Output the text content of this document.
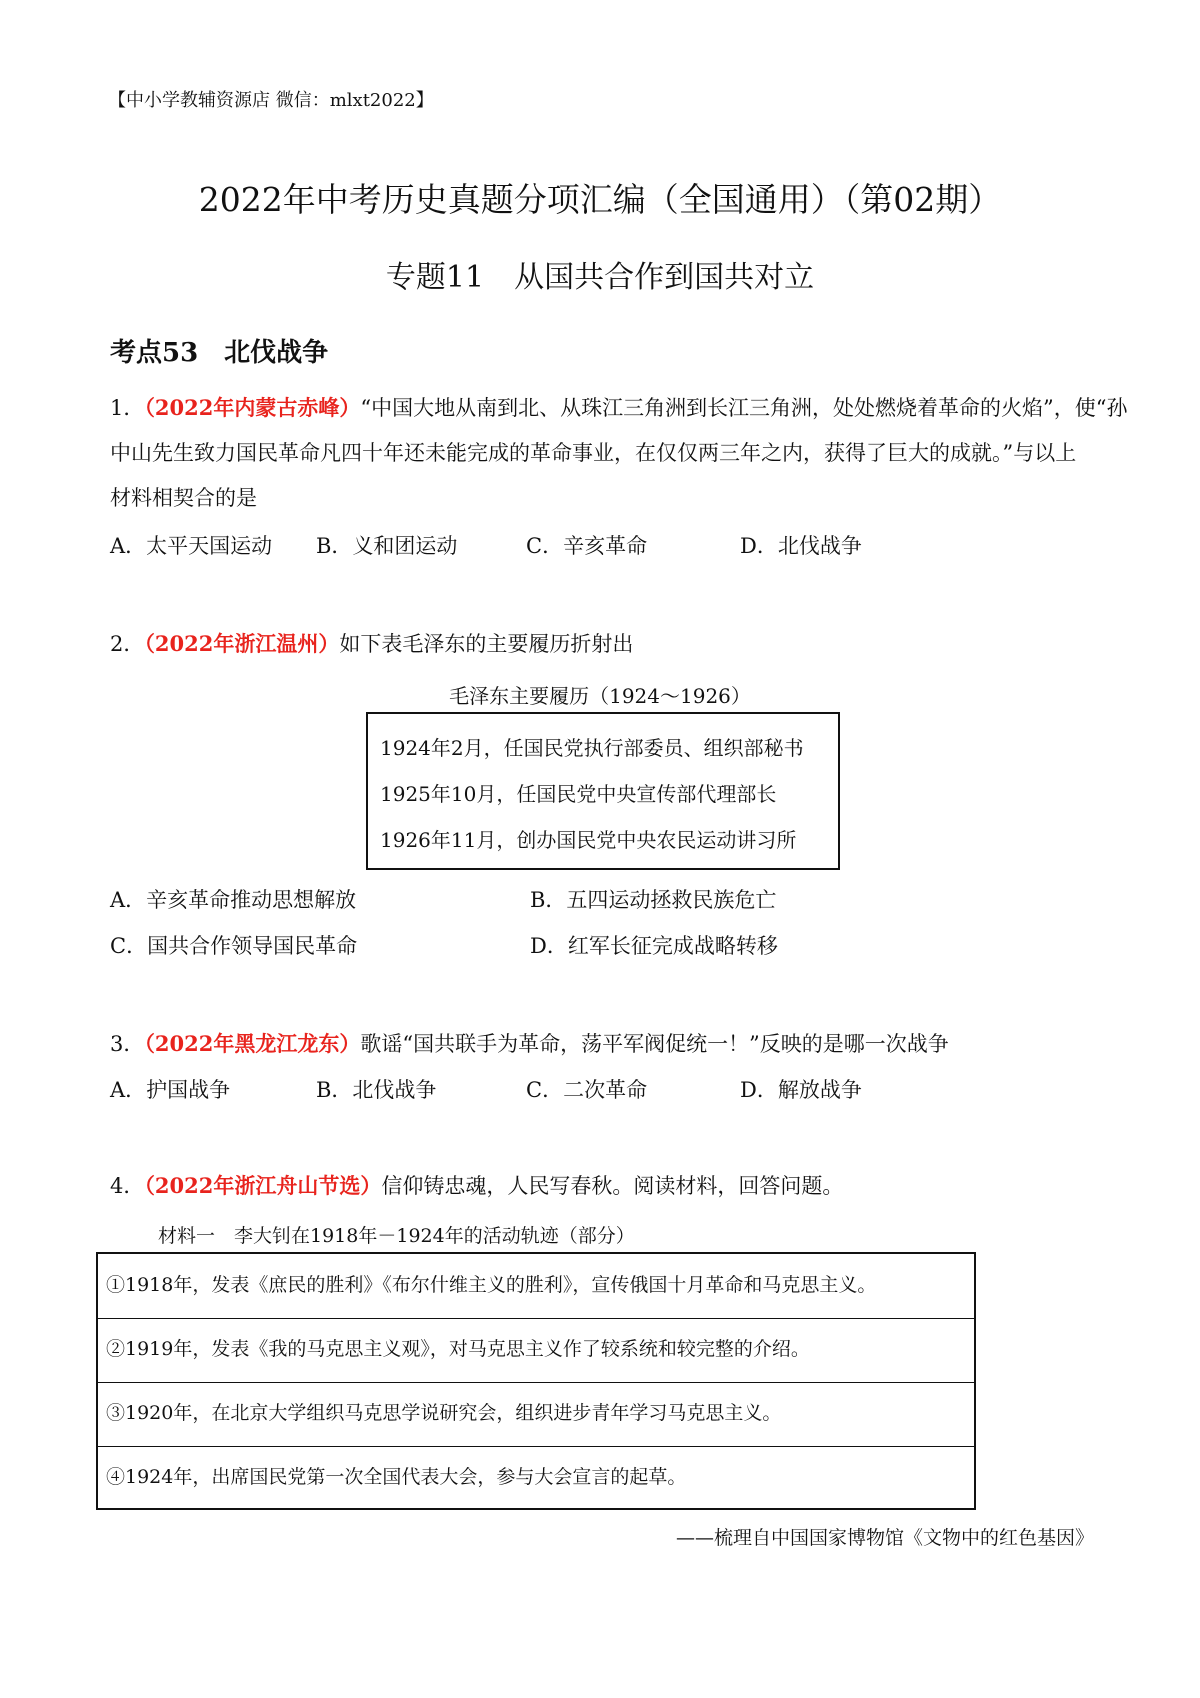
【中小学教辅资源店 微信：mlxt2022】
2022年中考历史真题分项汇编（全国通用）（第02期）
专题11　从国共合作到国共对立
考点53　北伐战争
1．（2022年内蒙古赤峰）“中国大地从南到北、从珠江三角洲到长江三角洲，处处燃烧着革命的火焰”，使“孙
中山先生致力国民革命凡四十年还未能完成的革命事业，在仅仅两三年之内，获得了巨大的成就。”与以上
材料相契合的是
A．太平天国运动 B．义和团运动	C．辛亥革命	D．北伐战争
2．（2022年浙江温州）如下表毛泽东的主要履历折射出
毛泽东主要履历（1924～1926）
1924年2月，任国民党执行部委员、组织部秘书
1925年10月，任国民党中央宣传部代理部长
1926年11月，创办国民党中央农民运动讲习所
A．辛亥革命推动思想解放	B．五四运动拯救民族危亡
C．国共合作领导国民革命	D．红军长征完成战略转移
3．（2022年黑龙江龙东）歌谣“国共联手为革命，荡平军阀促统一！”反映的是哪一次战争
A．护国战争	B．北伐战争	C．二次革命	D．解放战争
4．（2022年浙江舟山节选）信仰铸忠魂，人民写春秋。阅读材料，回答问题。
材料一　李大钊在1918年－1924年的活动轨迹（部分）
①1918年，发表《庶民的胜利》《布尔什维主义的胜利》，宣传俄国十月革命和马克思主义。
②1919年，发表《我的马克思主义观》，对马克思主义作了较系统和较完整的介绍。
③1920年，在北京大学组织马克思学说研究会，组织进步青年学习马克思主义。
④1924年，出席国民党第一次全国代表大会，参与大会宣言的起草。
——梳理自中国国家博物馆《文物中的红色基因》
